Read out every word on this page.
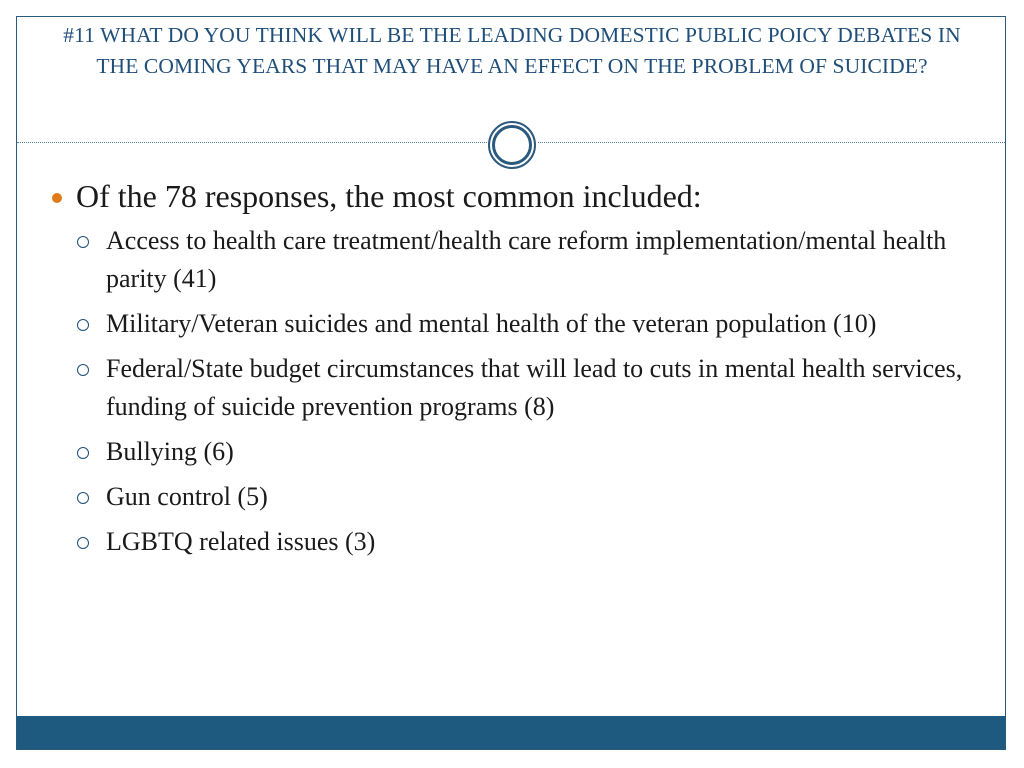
#11 WHAT DO YOU THINK WILL BE THE LEADING DOMESTIC PUBLIC POICY DEBATES IN THE COMING YEARS THAT MAY HAVE AN EFFECT ON THE PROBLEM OF SUICIDE?
Of the 78 responses, the most common included:
Access to health care treatment/health care reform implementation/mental health parity (41)
Military/Veteran suicides and mental health of the veteran population (10)
Federal/State budget circumstances that will lead to cuts in mental health services, funding of suicide prevention programs (8)
Bullying (6)
Gun control (5)
LGBTQ related issues (3)
